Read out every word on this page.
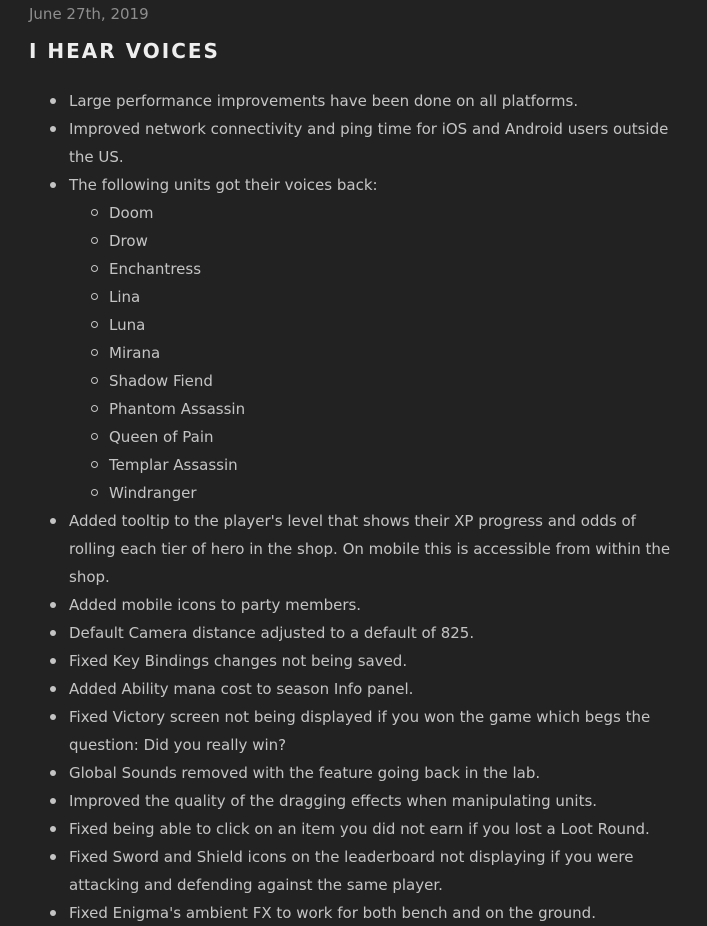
June 27th, 2019
I HEAR VOICES
Large performance improvements have been done on all platforms.
Improved network connectivity and ping time for iOS and Android users outside the US.
The following units got their voices back:
Doom
Drow
Enchantress
Lina
Luna
Mirana
Shadow Fiend
Phantom Assassin
Queen of Pain
Templar Assassin
Windranger
Added tooltip to the player's level that shows their XP progress and odds of rolling each tier of hero in the shop. On mobile this is accessible from within the shop.
Added mobile icons to party members.
Default Camera distance adjusted to a default of 825.
Fixed Key Bindings changes not being saved.
Added Ability mana cost to season Info panel.
Fixed Victory screen not being displayed if you won the game which begs the question: Did you really win?
Global Sounds removed with the feature going back in the lab.
Improved the quality of the dragging effects when manipulating units.
Fixed being able to click on an item you did not earn if you lost a Loot Round.
Fixed Sword and Shield icons on the leaderboard not displaying if you were attacking and defending against the same player.
Fixed Enigma's ambient FX to work for both bench and on the ground.
